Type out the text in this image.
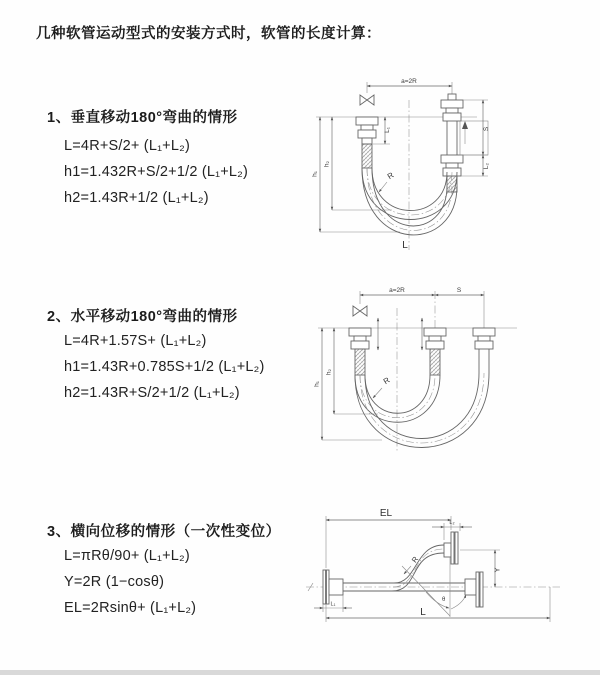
几种软管运动型式的安装方式时，软管的长度计算：
1、垂直移动180°弯曲的情形
L=4R+S/2+ (L₁+L₂)
h1=1.432R+S/2+1/2 (L₁+L₂)
h2=1.43R+1/2 (L₁+L₂)
a=2R
L₁	S
L₂
h₁
h₂
R
L
2、水平移动180°弯曲的情形
L=4R+1.57S+ (L₁+L₂)
h1=1.43R+0.785S+1/2 (L₁+L₂)
h2=1.43R+S/2+1/2 (L₁+L₂)
a=2R	S
h₁
h₂
R
3、横向位移的情形（一次性变位）
L=πRθ/90+ (L₁+L₂)
Y=2R (1−cosθ)
EL=2Rsinθ+ (L₁+L₂)
EL
L₂
θ
R
Y
L₁
L
